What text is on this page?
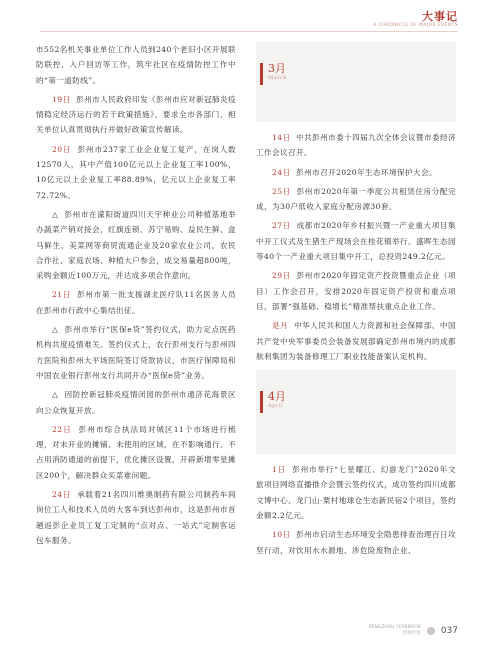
大事记
A CHRONICLE OF MAJOR EVENTS

市552名机关事业单位工作人员到240个老旧小区开展联防联控、入户回访等工作，筑牢社区在疫情防控工作中的“第一道防线”。

19日 彭州市人民政府印发《彭州市应对新冠肺炎疫情稳定经济运行的若干政策措施》，要求全市各部门、相关单位认真贯彻执行并做好政策宣传解读。

20日 彭州市237家工业企业复工复产，在岗人数12570人，其中产值100亿元以上企业复工率100%，10亿元以上企业复工率88.89%，亿元以上企业复工率72.72%。

△ 彭州市在濛阳街道四川天宇种业公司种植基地举办蔬菜产销对接会，红旗连锁、苏宁易购、益民生鲜、盒马鲜生、美菜网等商贸流通企业及20家农业公司、农民合作社、家庭农场、种植大户参会，成交易量超800吨，采购金额近100万元，并达成多项合作意向。

21日 彭州市第一批支援湖北医疗队11名医务人员在彭州市行政中心集结出征。

△ 彭州市举行“医保e贷”签约仪式，助力定点医药机构共度疫情难关。签约仪式上，农行彭州支行与彭州四方医院和彭州大平场医院签订贷款协议，市医疗保障局和中国农业银行彭州支行共同开办“医保e贷”业务。

△ 因防控新冠肺炎疫情闭园的彭州市通济花海景区向公众恢复开放。

22日 彭州市综合执法局对城区11个市场进行梳理，对未开业的摊铺、未使用的区域，在不影响通行、不占用消防通道的前提下，优化摊区设置，开辟新增零星摊区200个，解决群众买菜难问题。

24日 承载着21名四川维奥制药有限公司制药车间岗位工人和技术人员的大客车到达彭州市，这是彭州市首趟返彭企业员工复工定制的“点对点、一站式”定制客运包车服务。

3月
March

14日 中共彭州市委十四届九次全体会议暨市委经济工作会议召开。

24日 彭州市召开2020年生态环境保护大会。

25日 彭州市2020年第一季度公共租赁住房分配完成，为30户低收入家庭分配房源30套。

27日 成都市2020年乡村振兴暨一产业重大项目集中开工仪式及生猪生产现场会在桂花镇举行。盛晖生态园等40个一产业重大项目集中开工，总投资249.2亿元。

29日 彭州市2020年固定资产投资暨重点企业（项目）工作会召开，安排2020年固定资产投资和重点项目，部署“强基础、稳增长”精准帮扶重点企业工作。

是月 中华人民共和国人力资源和社会保障部、中国共产党中央军事委员会装备发展部确定彭州市境内的成都航利集团为装备修理工厂职业技能备案认定机构。

4月
April

1日 彭州市举行“七星耀江、幻游龙门”2020年文旅项目网络直播推介会暨云签约仪式，成功签约四川成都文博中心、龙门山·栗村地球仓生态新民宿2个项目，签约金额2.2亿元。

10日 彭州市启动生态环境安全隐患排查治理百日攻坚行动，对饮用水水源地、涉危险废物企业、

PENGZHOU YEARBOOK
彭州年鉴 037
